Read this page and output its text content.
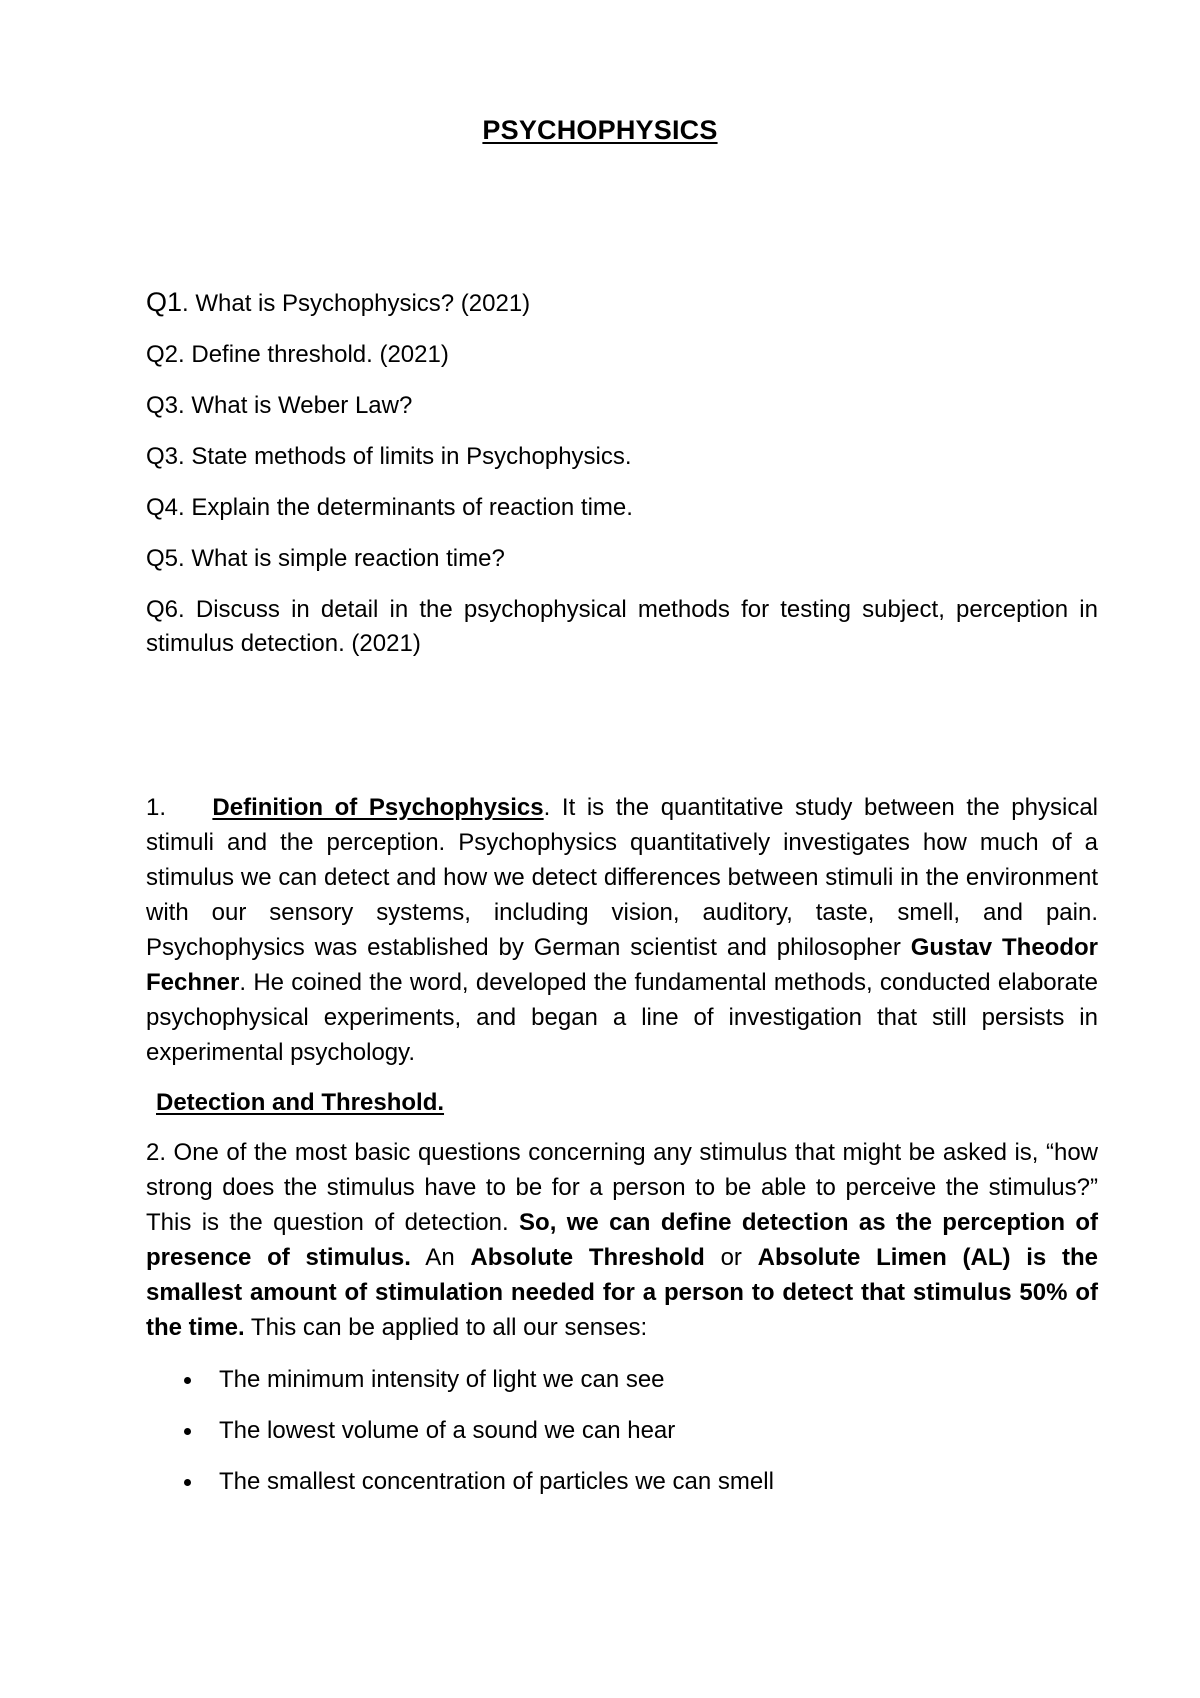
PSYCHOPHYSICS

Q1. What is Psychophysics? (2021)

Q2. Define threshold. (2021)

Q3. What is Weber Law?

Q3. State methods of limits in Psychophysics.

Q4. Explain the determinants of reaction time.

Q5. What is simple reaction time?

Q6. Discuss in detail in the psychophysical methods for testing subject, perception in stimulus detection. (2021)

1. Definition of Psychophysics. It is the quantitative study between the physical stimuli and the perception. Psychophysics quantitatively investigates how much of a stimulus we can detect and how we detect differences between stimuli in the environment with our sensory systems, including vision, auditory, taste, smell, and pain. Psychophysics was established by German scientist and philosopher Gustav Theodor Fechner. He coined the word, developed the fundamental methods, conducted elaborate psychophysical experiments, and began a line of investigation that still persists in experimental psychology.

Detection and Threshold.

2. One of the most basic questions concerning any stimulus that might be asked is, “how strong does the stimulus have to be for a person to be able to perceive the stimulus?” This is the question of detection. So, we can define detection as the perception of presence of stimulus. An Absolute Threshold or Absolute Limen (AL) is the smallest amount of stimulation needed for a person to detect that stimulus 50% of the time. This can be applied to all our senses:

The minimum intensity of light we can see
The lowest volume of a sound we can hear
The smallest concentration of particles we can smell
